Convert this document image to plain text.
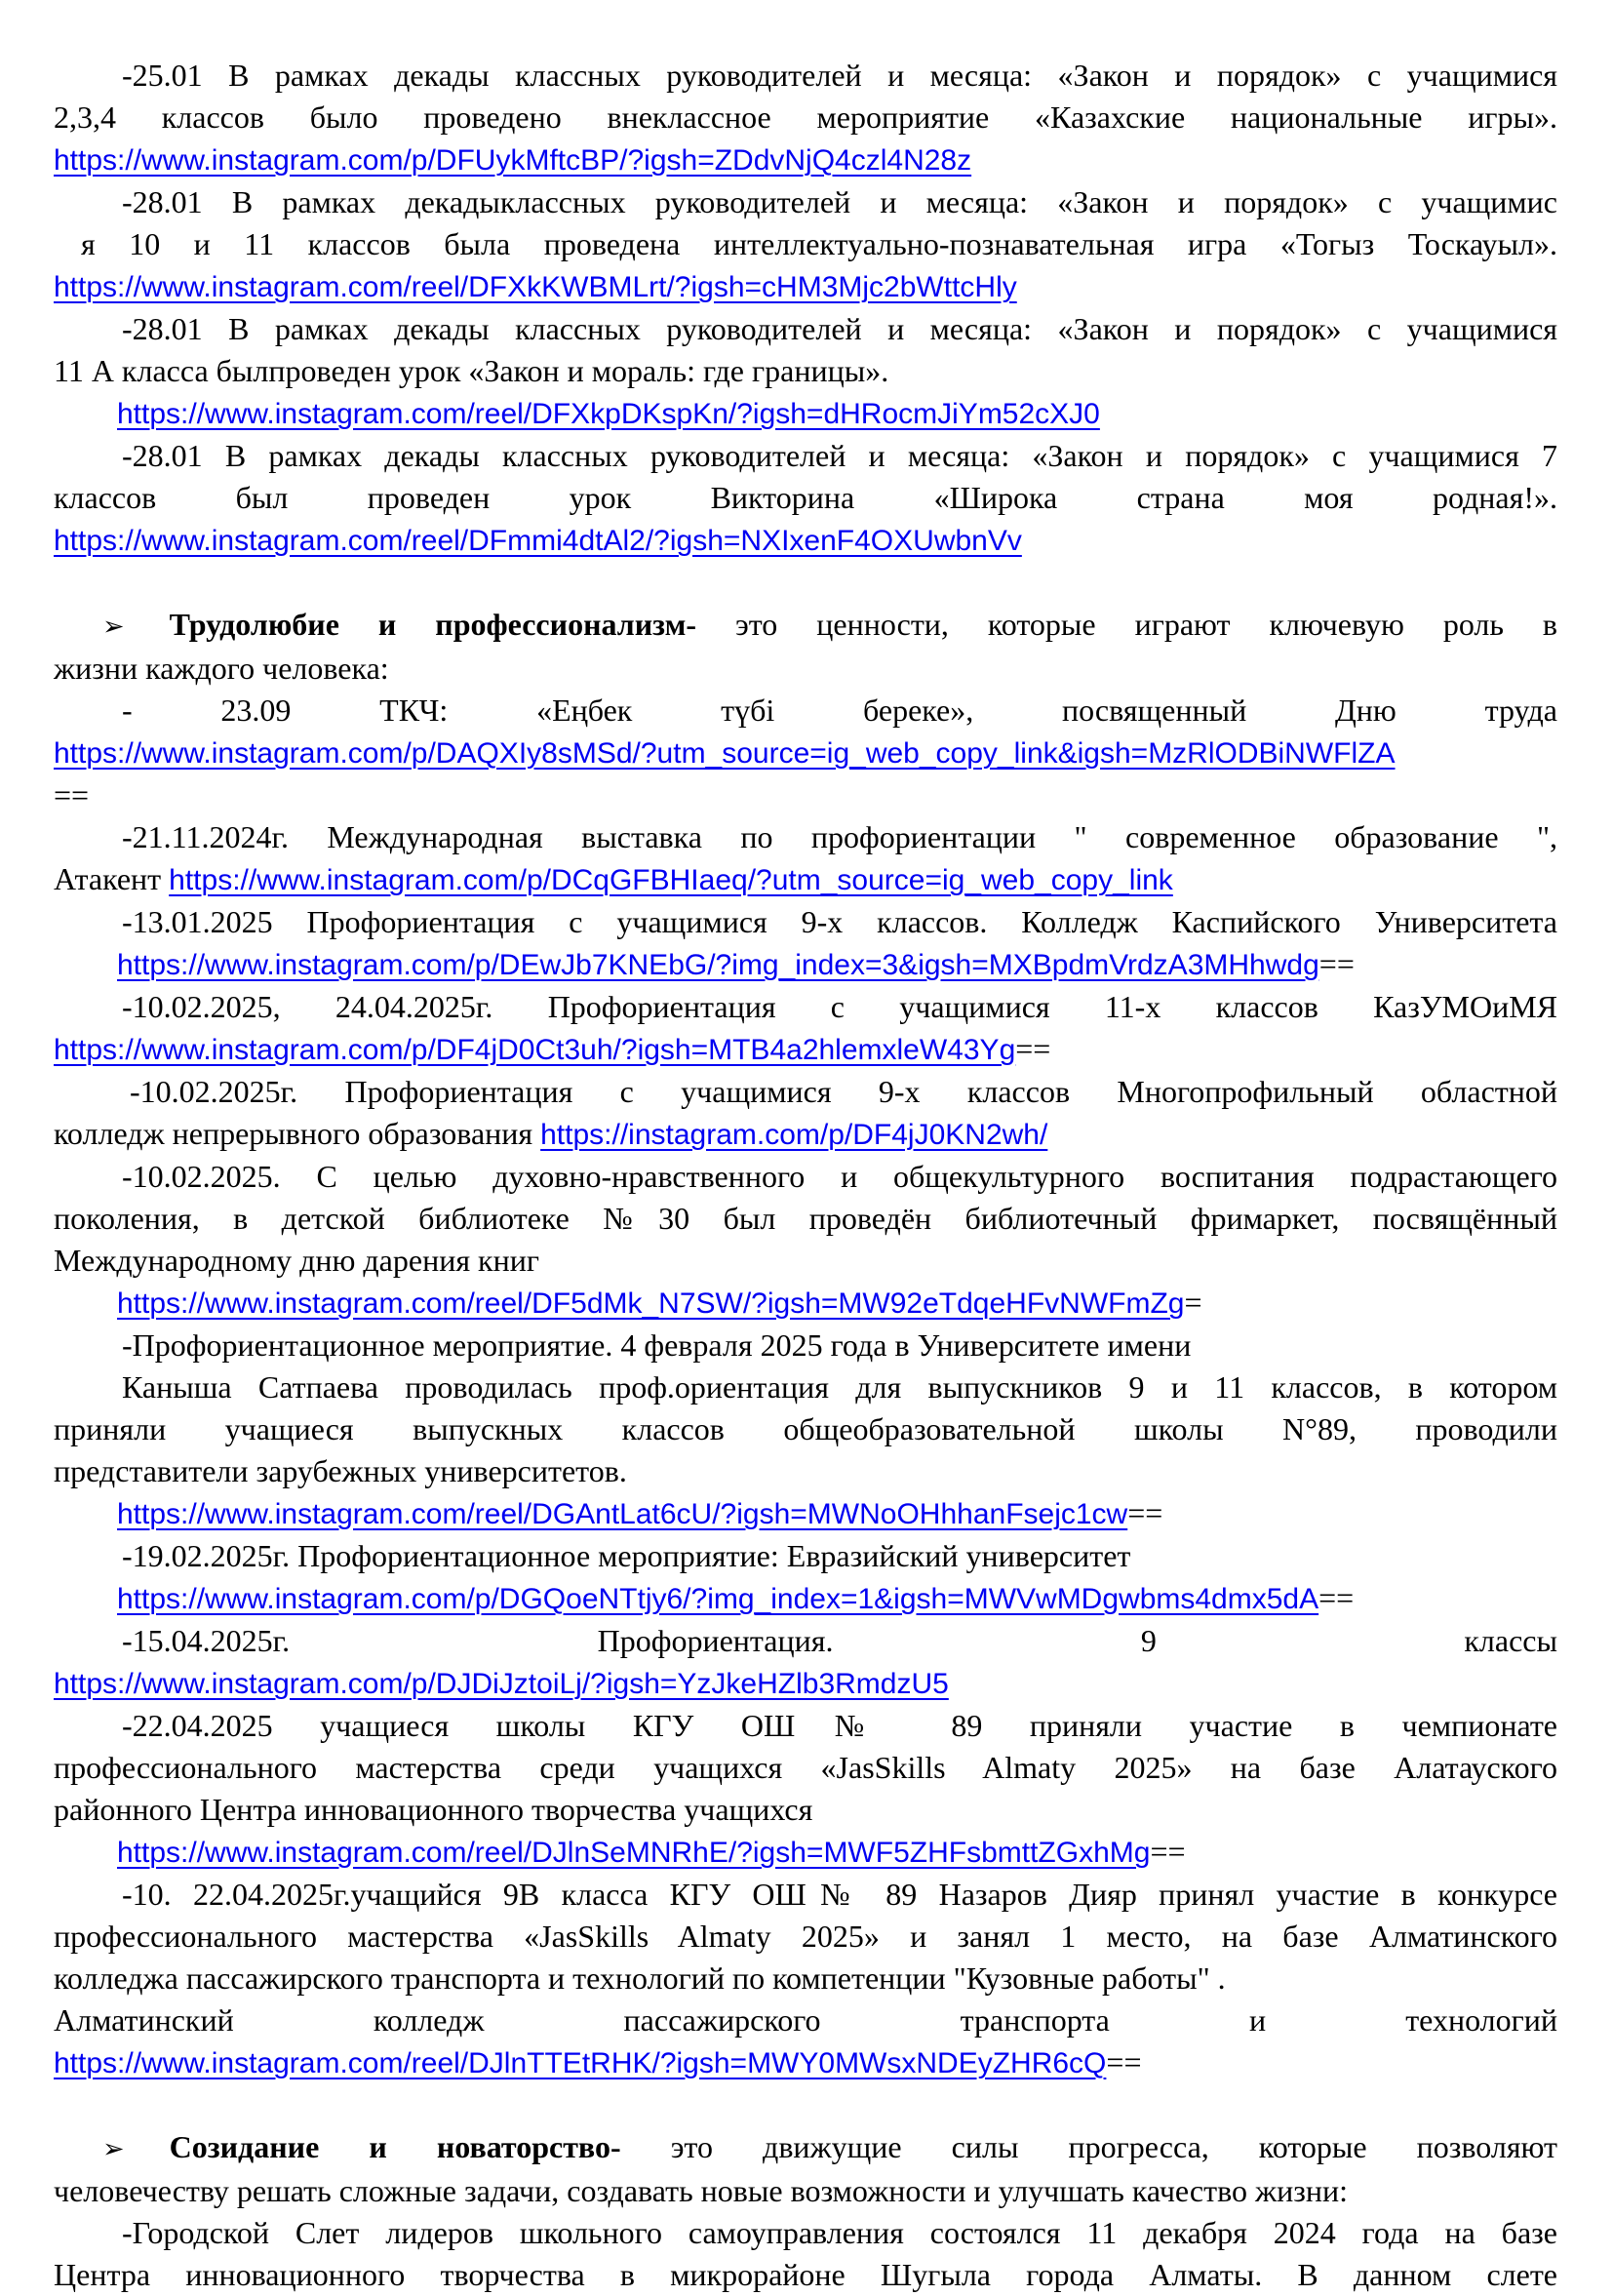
-25.01 В рамках декады классных руководителей и месяца: «Закон и порядок» с учащимися
2,3,4 классов было проведено внеклассное мероприятие «Казахские национальные игры».
https://www.instagram.com/p/DFUykMftcBP/?igsh=ZDdvNjQ4czl4N28z
-28.01 В рамках декадыклассных руководителей и месяца: «Закон и порядок» с учащимис
я 10 и 11 классов была проведена интеллектуально-познавательная игра «Тогыз Тоскауыл».
https://www.instagram.com/reel/DFXkKWBMLrt/?igsh=cHM3Mjc2bWttcHly
-28.01 В рамках декады классных руководителей и месяца: «Закон и порядок» с учащимися
11 А класса былпроведен урок «Закон и мораль: где границы».
https://www.instagram.com/reel/DFXkpDKspKn/?igsh=dHRocmJiYm52cXJ0
-28.01 В рамках декады классных руководителей и месяца: «Закон и порядок» с учащимися 7
классов был проведен урок Викторина «Широка страна моя родная!».
https://www.instagram.com/reel/DFmmi4dtAl2/?igsh=NXIxenF4OXUwbnVv
➢ Трудолюбие и профессионализм- это ценности, которые играют ключевую роль в
жизни каждого человека:
- 23.09 ТКЧ: «Еңбек түбі береке», посвященный Дню труда
https://www.instagram.com/p/DAQXIy8sMSd/?utm_source=ig_web_copy_link&igsh=MzRlODBiNWFlZA
==
-21.11.2024г. Международная выставка по профориентации " современное образование ",
Атакент https://www.instagram.com/p/DCqGFBHIaeq/?utm_source=ig_web_copy_link
-13.01.2025 Профориентация с учащимися 9-х классов. Колледж Каспийского Университета
https://www.instagram.com/p/DEwJb7KNEbG/?img_index=3&igsh=MXBpdmVrdzA3MHhwdg==
-10.02.2025, 24.04.2025г. Профориентация с учащимися 11-х классов КазУМОиМЯ
https://www.instagram.com/p/DF4jD0Ct3uh/?igsh=MTB4a2hlemxleW43Yg==
-10.02.2025г. Профориентация с учащимися 9-х классов Многопрофильный областной
колледж непрерывного образования https://instagram.com/p/DF4jJ0KN2wh/
-10.02.2025. С целью духовно-нравственного и общекультурного воспитания подрастающего
поколения, в детской библиотеке №30 был проведён библиотечный фримаркет, посвящённый
Международному дню дарения книг
https://www.instagram.com/reel/DF5dMk_N7SW/?igsh=MW92eTdqeHFvNWFmZg=
-Профориентационное мероприятие. 4 февраля 2025 года в Университете имени
Каныша Сатпаева проводилась проф.ориентация для выпускников 9 и 11 классов, в котором
приняли учащиеся выпускных классов общеобразовательной школы N°89, проводили
представители зарубежных университетов.
https://www.instagram.com/reel/DGAntLat6cU/?igsh=MWNoOHhhanFsejc1cw==
-19.02.2025г. Профориентационное мероприятие: Евразийский университет
https://www.instagram.com/p/DGQoeNTtjy6/?img_index=1&igsh=MWVwMDgwbms4dmx5dA==
-15.04.2025г. Профориентация. 9 классы
https://www.instagram.com/p/DJDiJztoiLj/?igsh=YzJkeHZlb3RmdzU5
-22.04.2025 учащиеся школы КГУ ОШ№ 89 приняли участие в чемпионате
профессионального мастерства среди учащихся «JasSkills Almaty 2025» на базе Алатауского
районного Центра инновационного творчества учащихся
https://www.instagram.com/reel/DJlnSeMNRhE/?igsh=MWF5ZHFsbmttZGxhMg==
-10. 22.04.2025г.учащийся 9В класса КГУ ОШ№ 89 Назаров Дияр принял участие в конкурсе
профессионального мастерства «JasSkills Almaty 2025» и занял 1 место, на базе Алматинского
колледжа пассажирского транспорта и технологий по компетенции "Кузовные работы" .
Алматинский колледж пассажирского транспорта и технологий
https://www.instagram.com/reel/DJlnTTEtRHK/?igsh=MWY0MWsxNDEyZHR6cQ==
➢ Созидание и новаторство- это движущие силы прогресса, которые позволяют
человечеству решать сложные задачи, создавать новые возможности и улучшать качество жизни:
-Городской Слет лидеров школьного самоуправления состоялся 11 декабря 2024 года на базе
Центра инновационного творчества в микрорайоне Шугыла города Алматы. В данном слете
